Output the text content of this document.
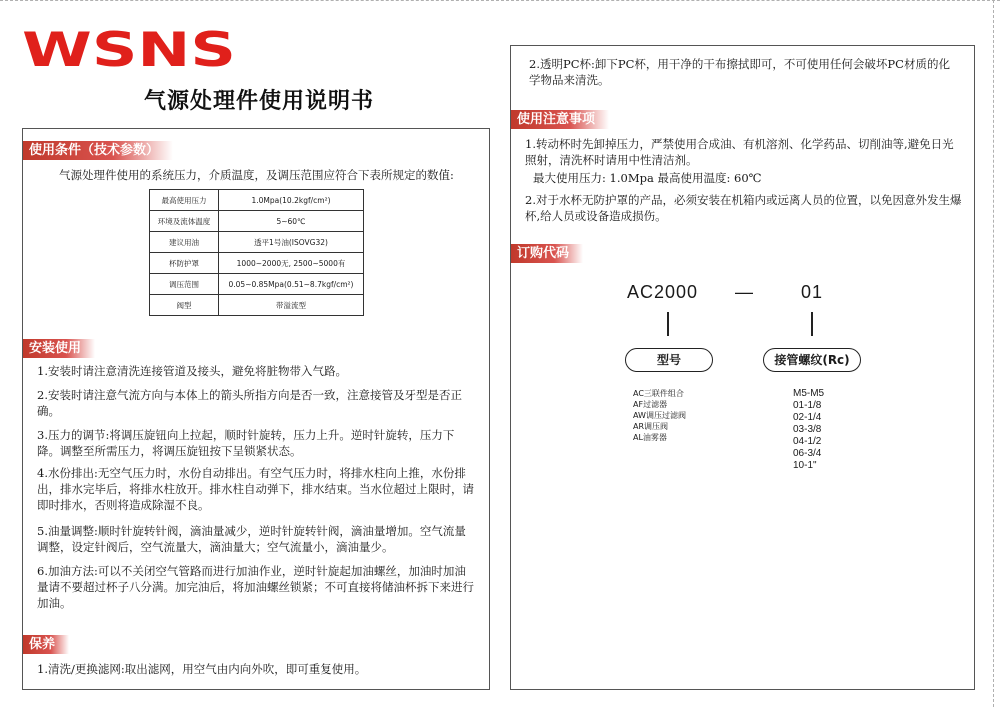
WSNS
气源处理件使用说明书
使用条件（技术参数）
气源处理件使用的系统压力，介质温度，及调压范围应符合下表所规定的数值:
最高使用压力	1.0Mpa(10.2kgf/cm²)
环境及流体温度	5~60℃
建议用油	透平1号油(ISOVG32)
杯防护罩	1000~2000无, 2500~5000有
调压范围	0.05~0.85Mpa(0.51~8.7kgf/cm²)
阀型	带溢流型
安装使用
1.安装时请注意清洗连接管道及接头，避免将脏物带入气路。
2.安装时请注意气流方向与本体上的箭头所指方向是否一致，注意接管及牙型是否正确。
3.压力的调节:将调压旋钮向上拉起，顺时针旋转，压力上升。逆时针旋转，压力下降。调整至所需压力，将调压旋钮按下呈锁紧状态。
4.水份排出:无空气压力时，水份自动排出。有空气压力时，将排水柱向上推，水份排出，排水完毕后，将排水柱放开。排水柱自动弹下，排水结束。当水位超过上限时，请即时排水，否则将造成除湿不良。
5.油量调整:顺时针旋转针阀，滴油量减少，逆时针旋转针阀，滴油量增加。空气流量调整，设定针阀后，空气流量大，滴油量大；空气流量小，滴油量少。
6.加油方法:可以不关闭空气管路而进行加油作业，逆时针旋起加油螺丝，加油时加油量请不要超过杯子八分满。加完油后，将加油螺丝锁紧；不可直接将储油杯拆下来进行加油。
保养
1.清洗/更换滤网:取出滤网，用空气由内向外吹，即可重复使用。
2.透明PC杯:卸下PC杯，用干净的干布擦拭即可，不可使用任何会破坏PC材质的化学物品来清洗。
使用注意事项
1.转动杯时先卸掉压力，严禁使用合成油、有机溶剂、化学药品、切削油等,避免日光照射，清洗杯时请用中性清洁剂。
最大使用压力: 1.0Mpa 最高使用温度: 60℃
2.对于水杯无防护罩的产品，必须安装在机箱内或远离人员的位置，以免因意外发生爆杯,给人员或设备造成损伤。
订购代码
AC2000 —	01
型号	接管螺纹(Rc)
AC三联件组合
AF过滤器
AW调压过滤阀
AR调压阀
AL油雾器
M5-M5
01-1/8
02-1/4
03-3/8
04-1/2
06-3/4
10-1"
